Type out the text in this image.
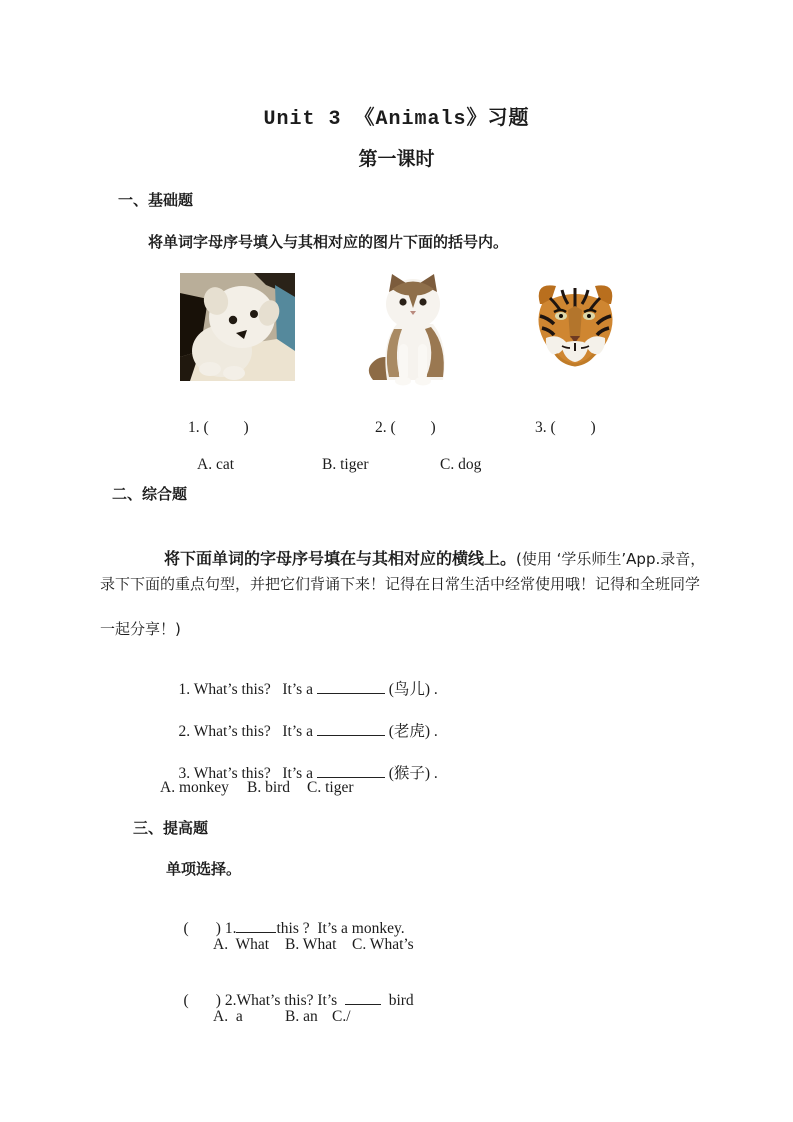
Unit 3 《Animals》习题
第一课时
一、基础题
将单词字母序号填入与其相对应的图片下面的括号内。
1. (         )	2. (         )	3. (         )
A. cat	B. tiger	C. dog
二、综合题

将下面单词的字母序号填在与其相对应的横线上。(使用 ‘学乐师生’App.录音，

录下下面的重点句型，并把它们背诵下来！记得在日常生活中经常使用哦！记得和全班同学
一起分享！)

1. What’s this?   It’s a	(鸟儿) .

2. What’s this?   It’s a	(老虎) .

3. What’s this?   It’s a	(猴子) .

A. monkey B. bird C. tiger
三、提高题
单项选择。

(       ) 1.	this ?  It’s a monkey.

A.  What B. What C. What’s

(       ) 2.What’s this? It’s    bird

A.  a	B. an C./
